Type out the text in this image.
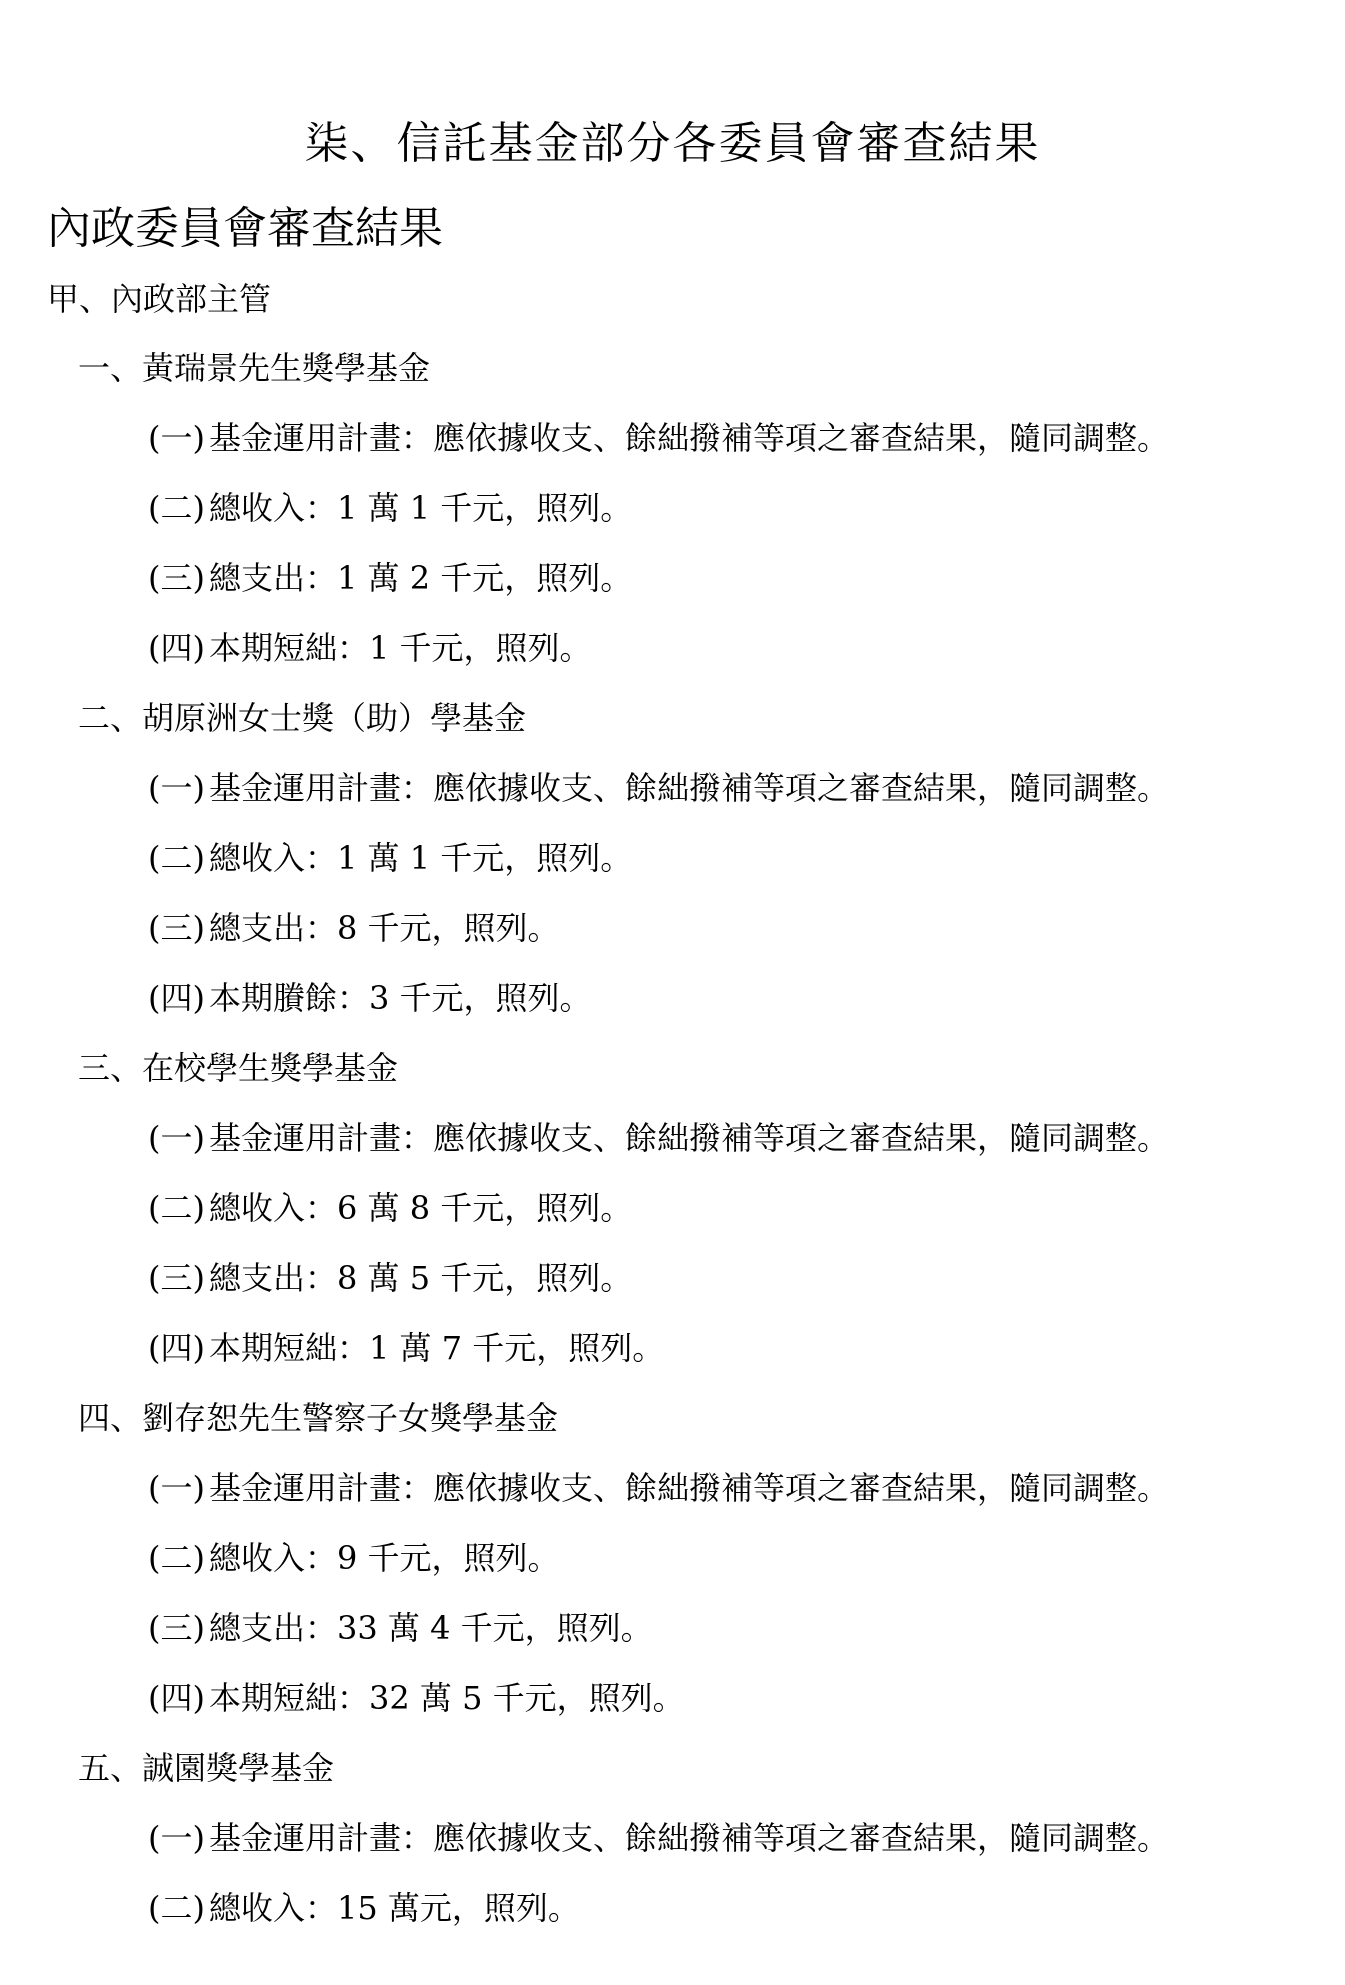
柒、信託基金部分各委員會審查結果
內政委員會審查結果
甲、內政部主管
一、黃瑞景先生獎學基金
(一) 基金運用計畫：應依據收支、餘絀撥補等項之審查結果，隨同調整。
(二) 總收入：1 萬 1 千元，照列。
(三) 總支出：1 萬 2 千元，照列。
(四) 本期短絀：1 千元，照列。
二、胡原洲女士獎（助）學基金
(一) 基金運用計畫：應依據收支、餘絀撥補等項之審查結果，隨同調整。
(二) 總收入：1 萬 1 千元，照列。
(三) 總支出：8 千元，照列。
(四) 本期賸餘：3 千元，照列。
三、在校學生獎學基金
(一) 基金運用計畫：應依據收支、餘絀撥補等項之審查結果，隨同調整。
(二) 總收入：6 萬 8 千元，照列。
(三) 總支出：8 萬 5 千元，照列。
(四) 本期短絀：1 萬 7 千元，照列。
四、劉存恕先生警察子女獎學基金
(一) 基金運用計畫：應依據收支、餘絀撥補等項之審查結果，隨同調整。
(二) 總收入：9 千元，照列。
(三) 總支出：33 萬 4 千元，照列。
(四) 本期短絀：32 萬 5 千元，照列。
五、誠園獎學基金
(一) 基金運用計畫：應依據收支、餘絀撥補等項之審查結果，隨同調整。
(二) 總收入：15 萬元，照列。
